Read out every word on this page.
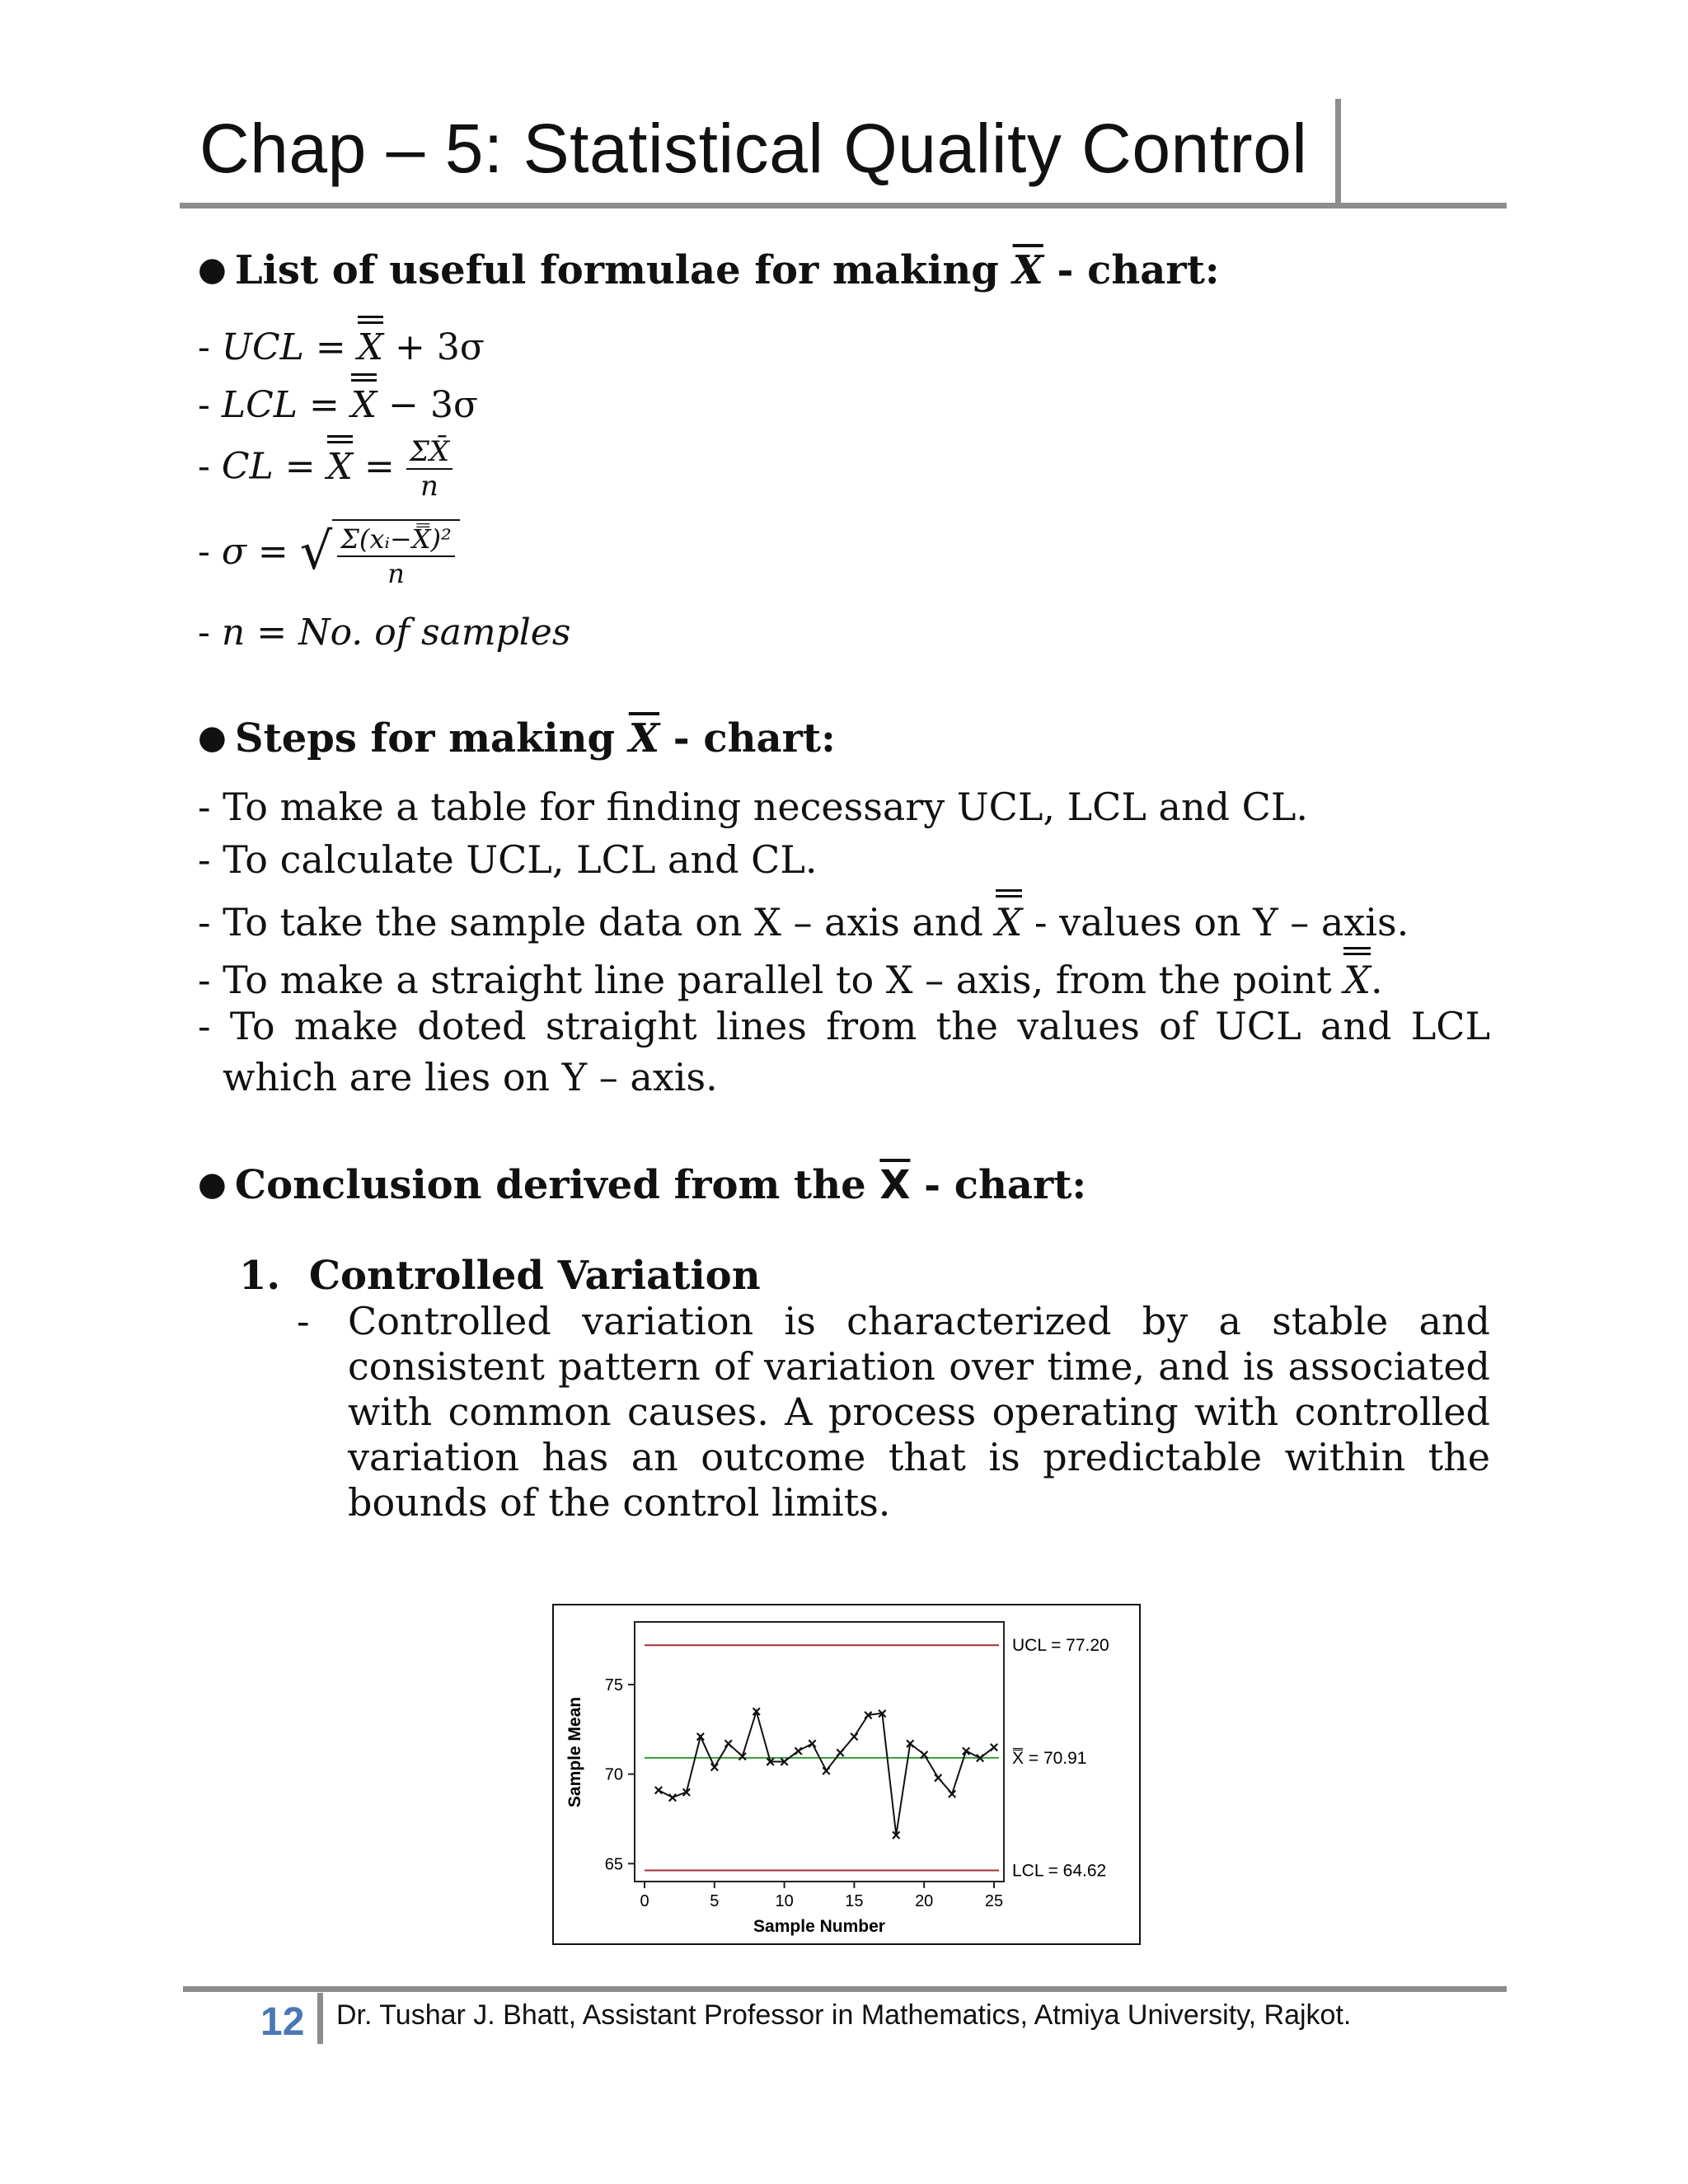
Chap – 5: Statistical Quality Control
● List of useful formulae for making $\overline{X}$ - chart:
- UCL = X + 3σ
- LCL = X − 3σ
- CL = $X = \frac{\Sigma X̄}{n}$
- σ = √ $\frac{\text{Σ(xᵢ−X̿)²}}{n}$
- n = No. of samples
● Steps for making $\overline{X}$ - chart:
- To make a table for finding necessary UCL, LCL and CL.
- To calculate UCL, LCL and CL.
- To take the sample data on X – axis and X - values on Y – axis.
- To make a straight line parallel to X – axis, from the point X.
- To make doted straight lines from the values of UCL and LCL
which are lies on Y – axis.
● Conclusion derived from the $\overline{X}$ - chart:
1. Controlled Variation
- Controlled variation is characterized by a stable and
consistent pattern of variation over time, and is associated
with common causes. A process operating with controlled
variation has an outcome that is predictable within the
bounds of the control limits.
× × ×
×
×
×
×
×
× ×
× ×
×
×
×
× ×
×
×
×
×
×
× ×
×
0	5	10	15	20	25
65
70
75
UCL = 77.20
X̿ = 70.91
LCL = 64.62
Sample Number
Sample Mean
12 Dr. Tushar J. Bhatt, Assistant Professor in Mathematics, Atmiya University, Rajkot.
